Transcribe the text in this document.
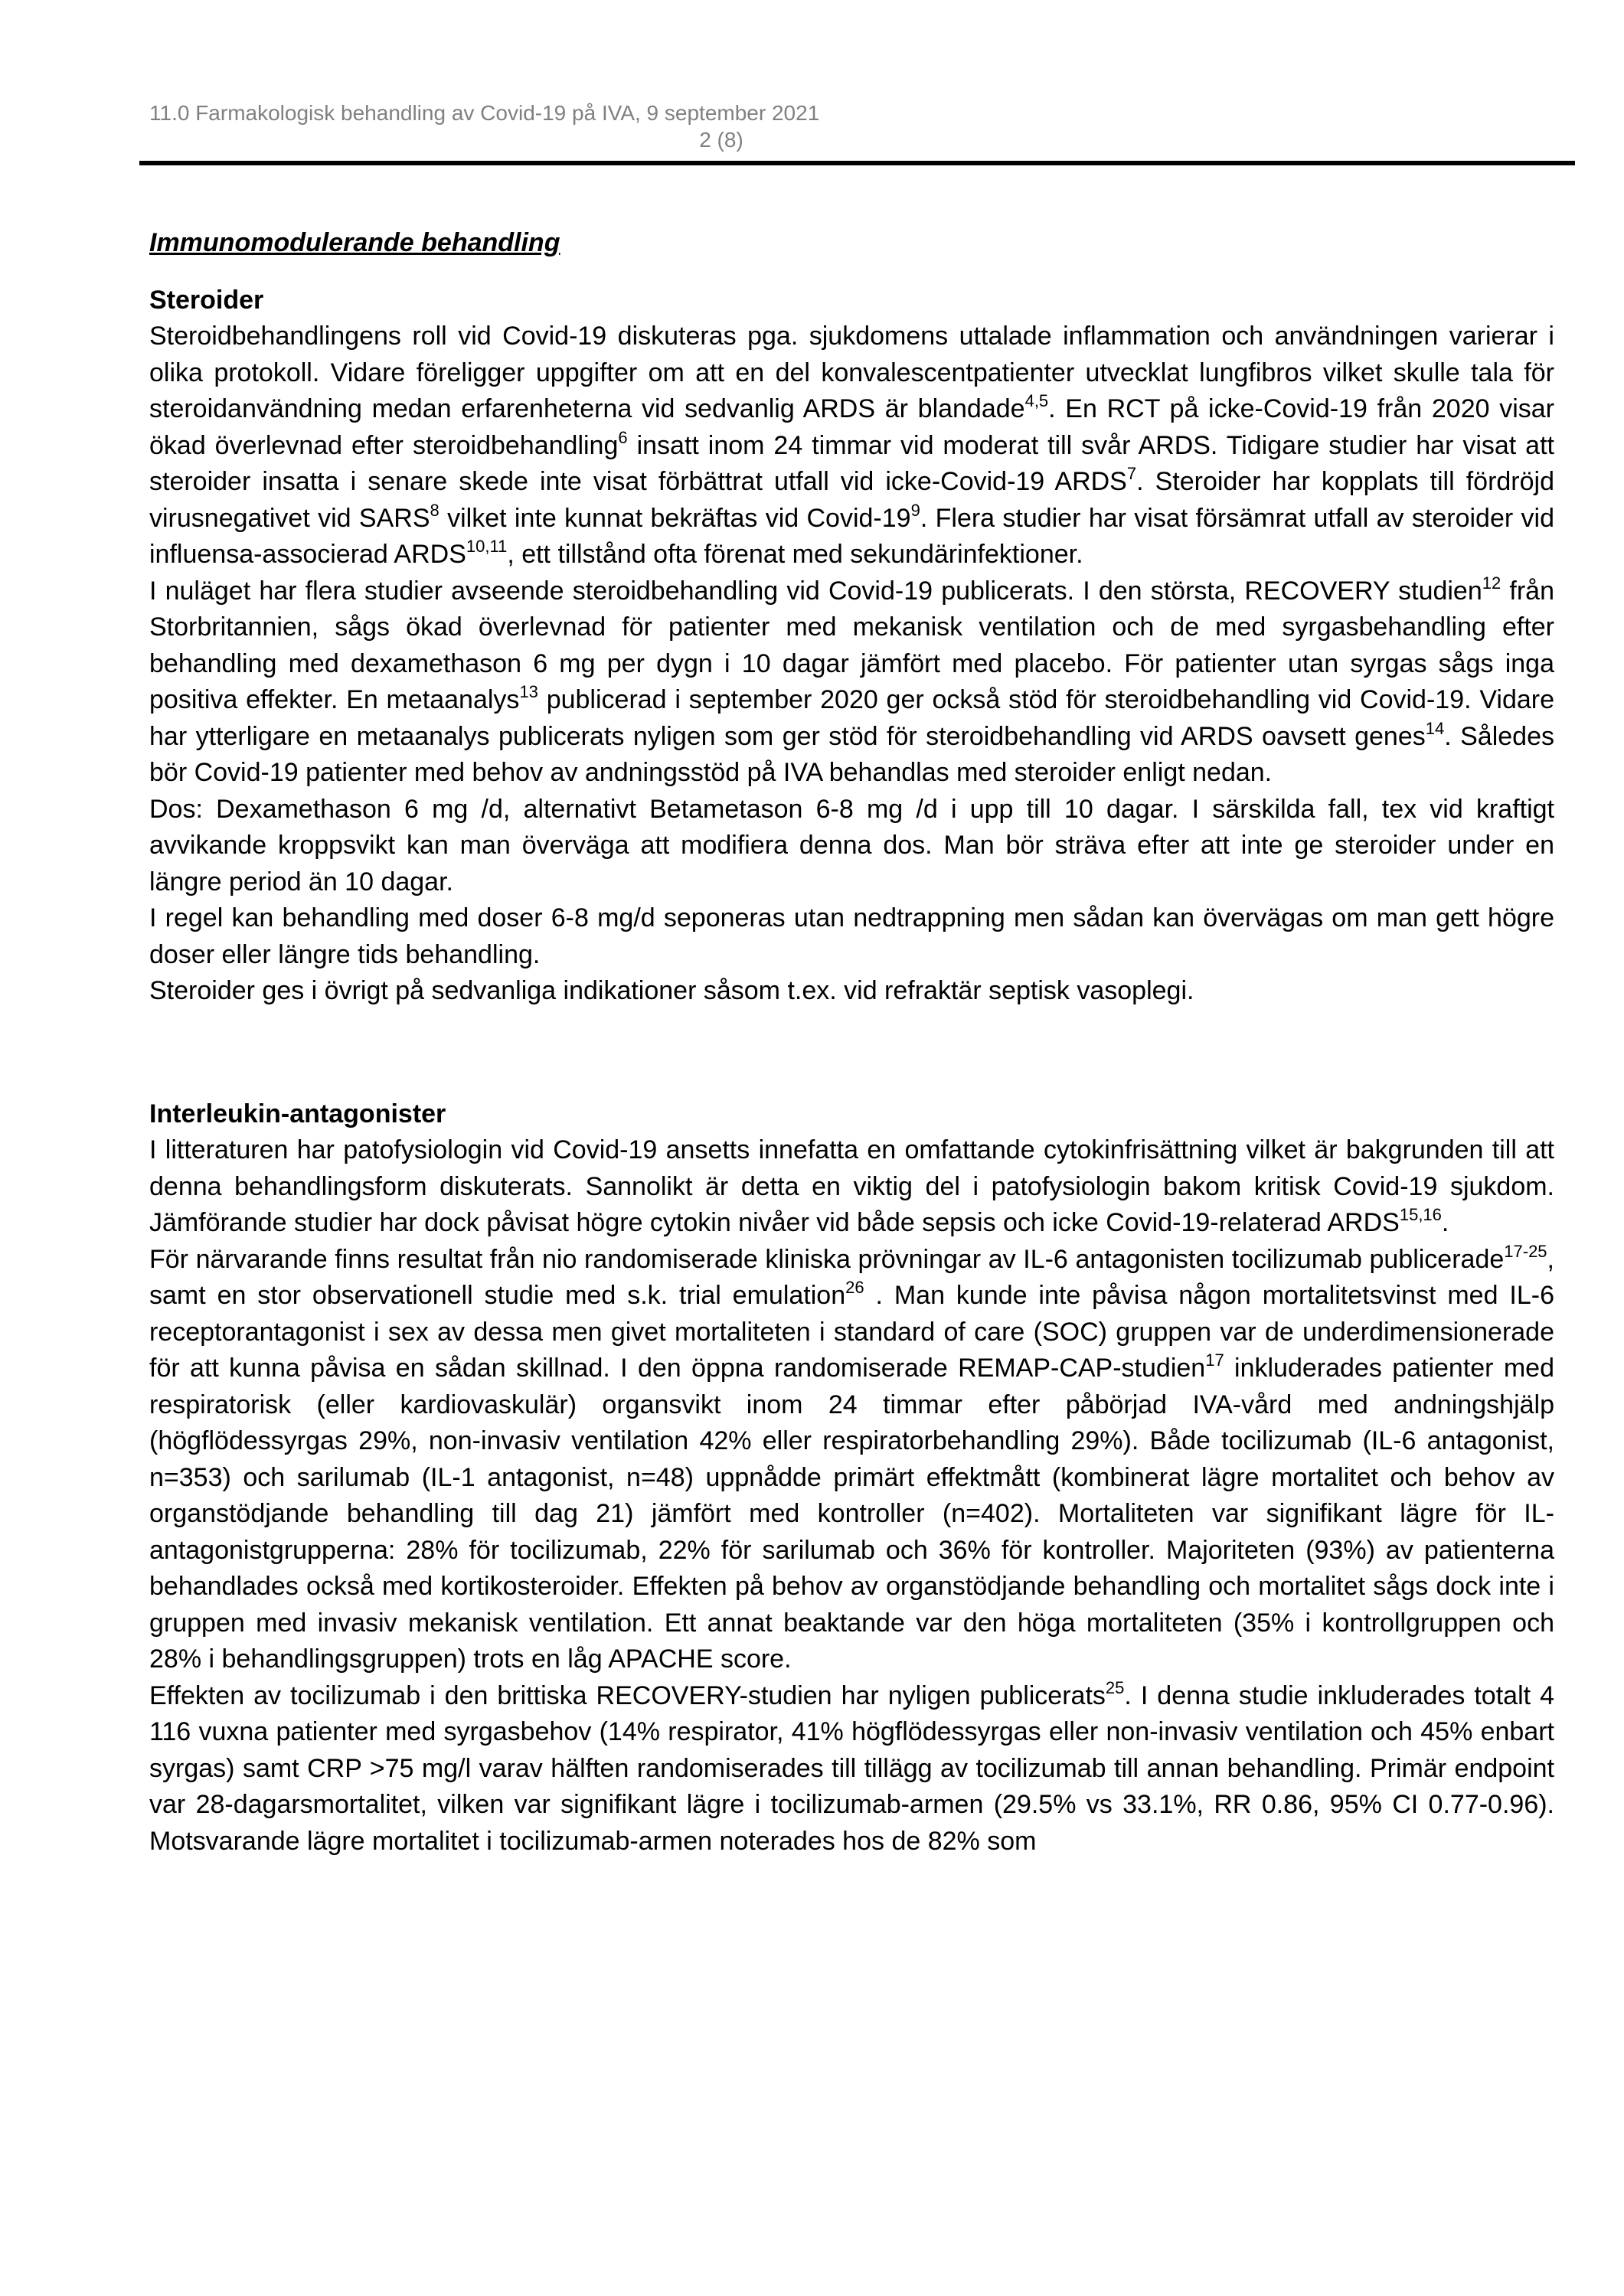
11.0 Farmakologisk behandling av Covid-19 på IVA, 9 september 2021
2 (8)
Immunomodulerande behandling
Steroider

Steroidbehandlingens roll vid Covid-19 diskuteras pga. sjukdomens uttalade inflammation och användningen varierar i olika protokoll. Vidare föreligger uppgifter om att en del konvalescentpatienter utvecklat lungfibros vilket skulle tala för steroidanvändning medan erfarenheterna vid sedvanlig ARDS är blandade$^{4,5}$. En RCT på icke-Covid-19 från 2020 visar ökad överlevnad efter steroidbehandling$^6$ insatt inom 24 timmar vid moderat till svår ARDS. Tidigare studier har visat att steroider insatta i senare skede inte visat förbättrat utfall vid icke-Covid-19 ARDS$^7$. Steroider har kopplats till fördröjd virusnegativet vid SARS$^8$ vilket inte kunnat bekräftas vid Covid-$19^9$. Flera studier har visat försämrat utfall av steroider vid influensa-associerad ARDS$^{10,11}$, ett tillstånd ofta förenat med sekundärinfektioner.

I nuläget har flera studier avseende steroidbehandling vid Covid-19 publicerats. I den största, RECOVERY studien$^{12}$ från Storbritannien, sågs ökad överlevnad för patienter med mekanisk ventilation och de med syrgasbehandling efter behandling med dexamethason 6 mg per dygn i 10 dagar jämfört med placebo. För patienter utan syrgas sågs inga positiva effekter. En metaanalys$^{13}$ publicerad i september 2020 ger också stöd för steroidbehandling vid Covid-19. Vidare har ytterligare en metaanalys publicerats nyligen som ger stöd för steroidbehandling vid ARDS oavsett genes$^{14}$. Således bör Covid-19 patienter med behov av andningsstöd på IVA behandlas med steroider enligt nedan.

Dos: Dexamethason 6 mg /d, alternativt Betametason 6-8 mg /d i upp till 10 dagar. I särskilda fall, tex vid kraftigt avvikande kroppsvikt kan man överväga att modifiera denna dos. Man bör sträva efter att inte ge steroider under en längre period än 10 dagar.

I regel kan behandling med doser 6-8 mg/d seponeras utan nedtrappning men sådan kan övervägas om man gett högre doser eller längre tids behandling.

Steroider ges i övrigt på sedvanliga indikationer såsom t.ex. vid refraktär septisk vasoplegi.

Interleukin-antagonister

I litteraturen har patofysiologin vid Covid-19 ansetts innefatta en omfattande cytokinfrisättning vilket är bakgrunden till att denna behandlingsform diskuterats. Sannolikt är detta en viktig del i patofysiologin bakom kritisk Covid-19 sjukdom. Jämförande studier har dock påvisat högre cytokin nivåer vid både sepsis och icke Covid-19-relaterad ARDS$^{15,16}$.

För närvarande finns resultat från nio randomiserade kliniska prövningar av IL-6 antagonisten tocilizumab publicerade$^{17-25}$, samt en stor observationell studie med s.k. trial emulation$^{26}$ . Man kunde inte påvisa någon mortalitetsvinst med IL-6 receptorantagonist i sex av dessa men givet mortaliteten i standard of care (SOC) gruppen var de underdimensionerade för att kunna påvisa en sådan skillnad. I den öppna randomiserade REMAP-CAP-studien$^{17}$ inkluderades patienter med respiratorisk (eller kardiovaskulär) organsvikt inom 24 timmar efter påbörjad IVA-vård med andningshjälp (högflödessyrgas 29%, non-invasiv ventilation 42% eller respiratorbehandling 29%). Både tocilizumab (IL-6 antagonist, n=353) och sarilumab (IL-1 antagonist, n=48) uppnådde primärt effektmått (kombinerat lägre mortalitet och behov av organstödjande behandling till dag 21) jämfört med kontroller (n=402). Mortaliteten var signifikant lägre för IL-antagonistgrupperna: 28% för tocilizumab, 22% för sarilumab och 36% för kontroller. Majoriteten (93%) av patienterna behandlades också med kortikosteroider. Effekten på behov av organstödjande behandling och mortalitet sågs dock inte i gruppen med invasiv mekanisk ventilation. Ett annat beaktande var den höga mortaliteten (35% i kontrollgruppen och 28% i behandlingsgruppen) trots en låg APACHE score.

Effekten av tocilizumab i den brittiska RECOVERY-studien har nyligen publicerats$^{25}$. I denna studie inkluderades totalt 4 116 vuxna patienter med syrgasbehov (14% respirator, 41% högflödessyrgas eller non-invasiv ventilation och 45% enbart syrgas) samt CRP >75 mg/l varav hälften randomiserades till tillägg av tocilizumab till annan behandling. Primär endpoint var 28-dagarsmortalitet, vilken var signifikant lägre i tocilizumab-armen (29.5% vs 33.1%, RR 0.86, 95% CI 0.77-0.96). Motsvarande lägre mortalitet i tocilizumab-armen noterades hos de 82% som
